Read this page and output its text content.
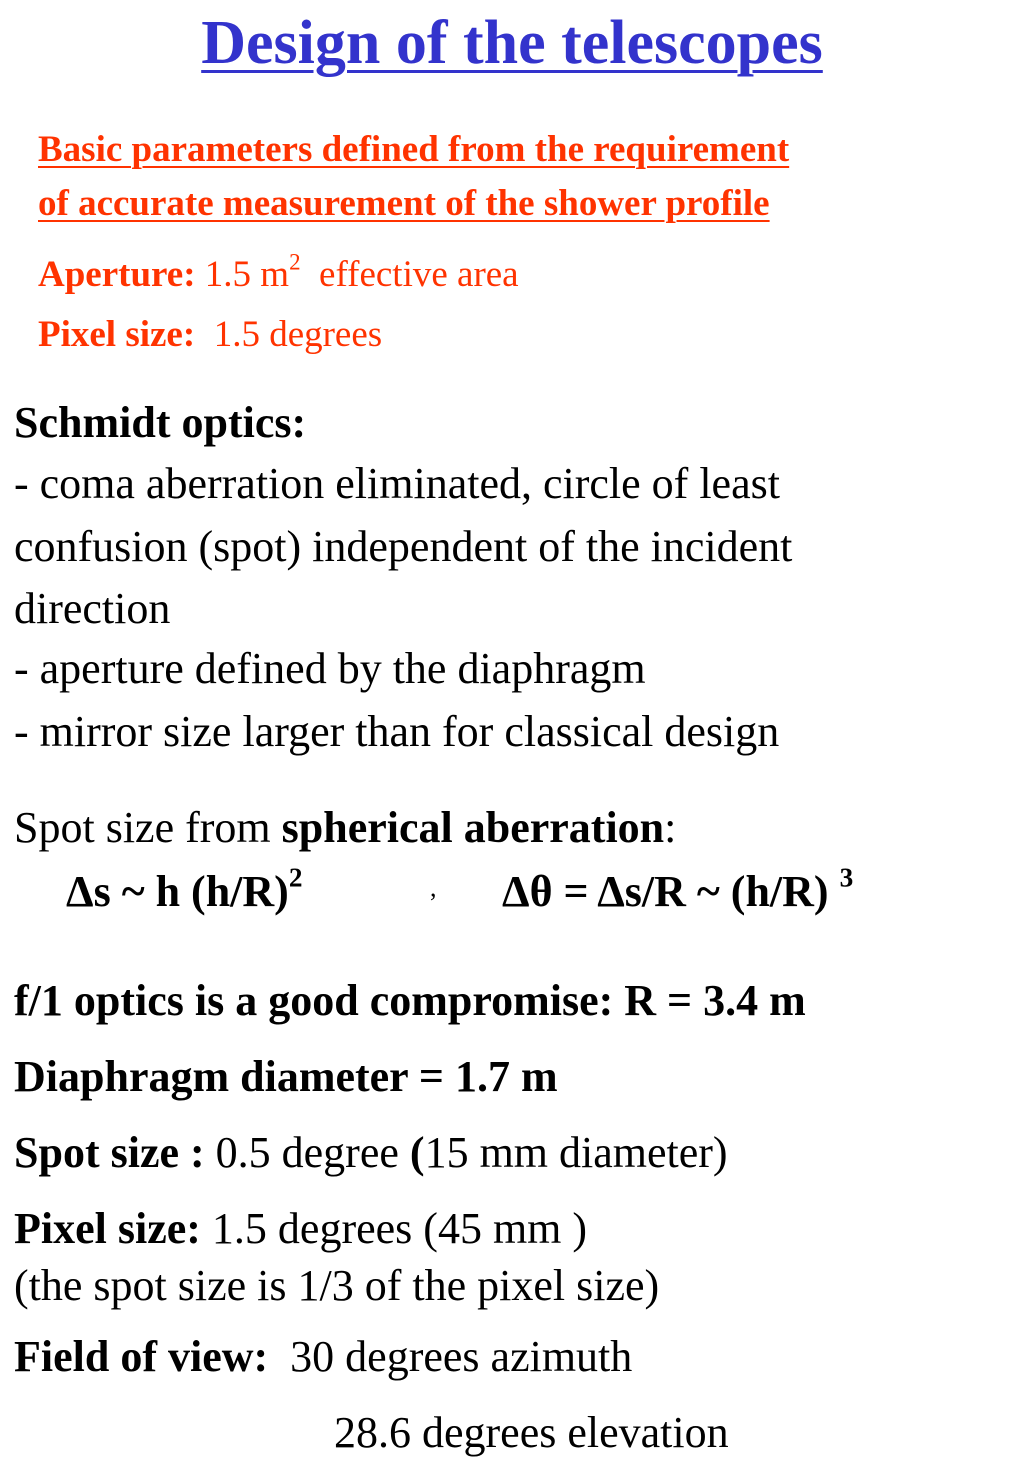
Design of the telescopes
Basic parameters defined from the requirement
of accurate measurement of the shower profile
Aperture: 1.5 $m^2$ effective area
Pixel size: 1.5 degrees
Schmidt optics:
- coma aberration eliminated, circle of least
confusion (spot) independent of the incident
direction
- aperture defined by the diaphragm
- mirror size larger than for classical design
Spot size from spherical aberration:
Δs ~ h $(h/R)^2$	, Δθ = Δs/R ~ (h/R) $^3$
f/1 optics is a good compromise: R = 3.4 m
Diaphragm diameter = 1.7 m
Spot size : 0.5 degree (15 mm diameter)
Pixel size: 1.5 degrees (45 mm )
(the spot size is 1/3 of the pixel size)
Field of view: 30 degrees azimuth
28.6 degrees elevation
